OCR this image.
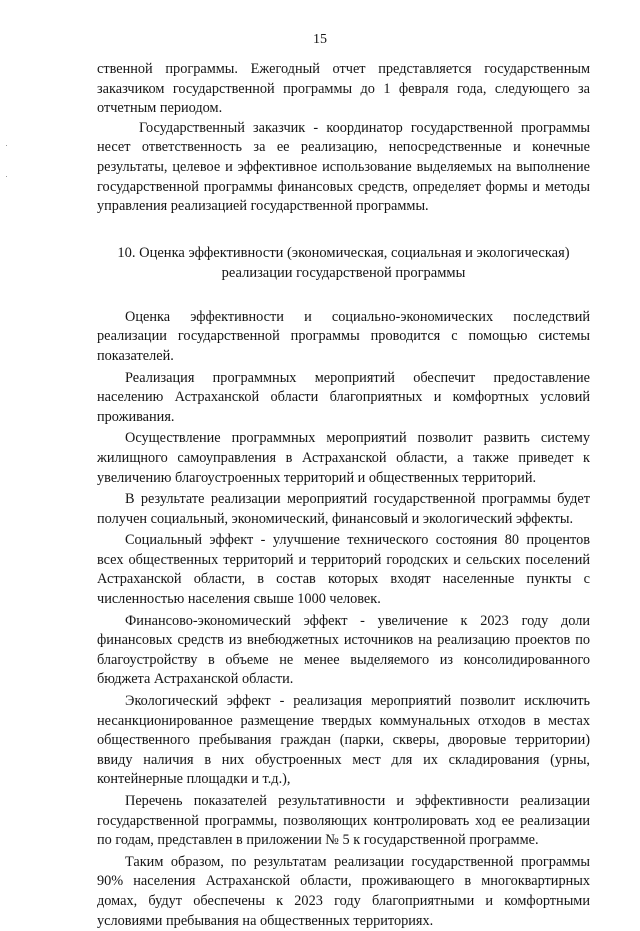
15

ственной программы. Ежегодный отчет представляется государственным заказчиком государственной программы до 1 февраля года, следующего за отчетным периодом.

Государственный заказчик - координатор государственной программы несет ответственность за ее реализацию, непосредственные и конечные результаты, целевое и эффективное использование выделяемых на выполнение государственной программы финансовых средств, определяет формы и методы управления реализацией государственной программы.

10. Оценка эффективности (экономическая, социальная и экологическая)
реализации государственой программы

Оценка эффективности и социально-экономических последствий реализации государственной программы проводится с помощью системы показателей.

Реализация программных мероприятий обеспечит предоставление населению Астраханской области благоприятных и комфортных условий проживания.

Осуществление программных мероприятий позволит развить систему жилищного самоуправления в Астраханской области, а также приведет к увеличению благоустроенных территорий и общественных территорий.

В результате реализации мероприятий государственной программы будет получен социальный, экономический, финансовый и экологический эффекты.

Социальный эффект - улучшение технического состояния 80 процентов всех общественных территорий и территорий городских и сельских поселений Астраханской области, в состав которых входят населенные пункты с численностью населения свыше 1000 человек.

Финансово-экономический эффект - увеличение к 2023 году доли финансовых средств из внебюджетных источников на реализацию проектов по благоустройству в объеме не менее выделяемого из консолидированного бюджета Астраханской области.

Экологический эффект - реализация мероприятий позволит исключить несанкционированное размещение твердых коммунальных отходов в местах общественного пребывания граждан (парки, скверы, дворовые территории) ввиду наличия в них обустроенных мест для их складирования (урны, контейнерные площадки и т.д.),

Перечень показателей результативности и эффективности реализации государственной программы, позволяющих контролировать ход ее реализации по годам, представлен в приложении № 5 к государственной программе.

Таким образом, по результатам реализации государственной программы 90% населения Астраханской области, проживающего в многоквартирных домах, будут обеспечены к 2023 году благоприятными и комфортными условиями пребывания на общественных территориях.
